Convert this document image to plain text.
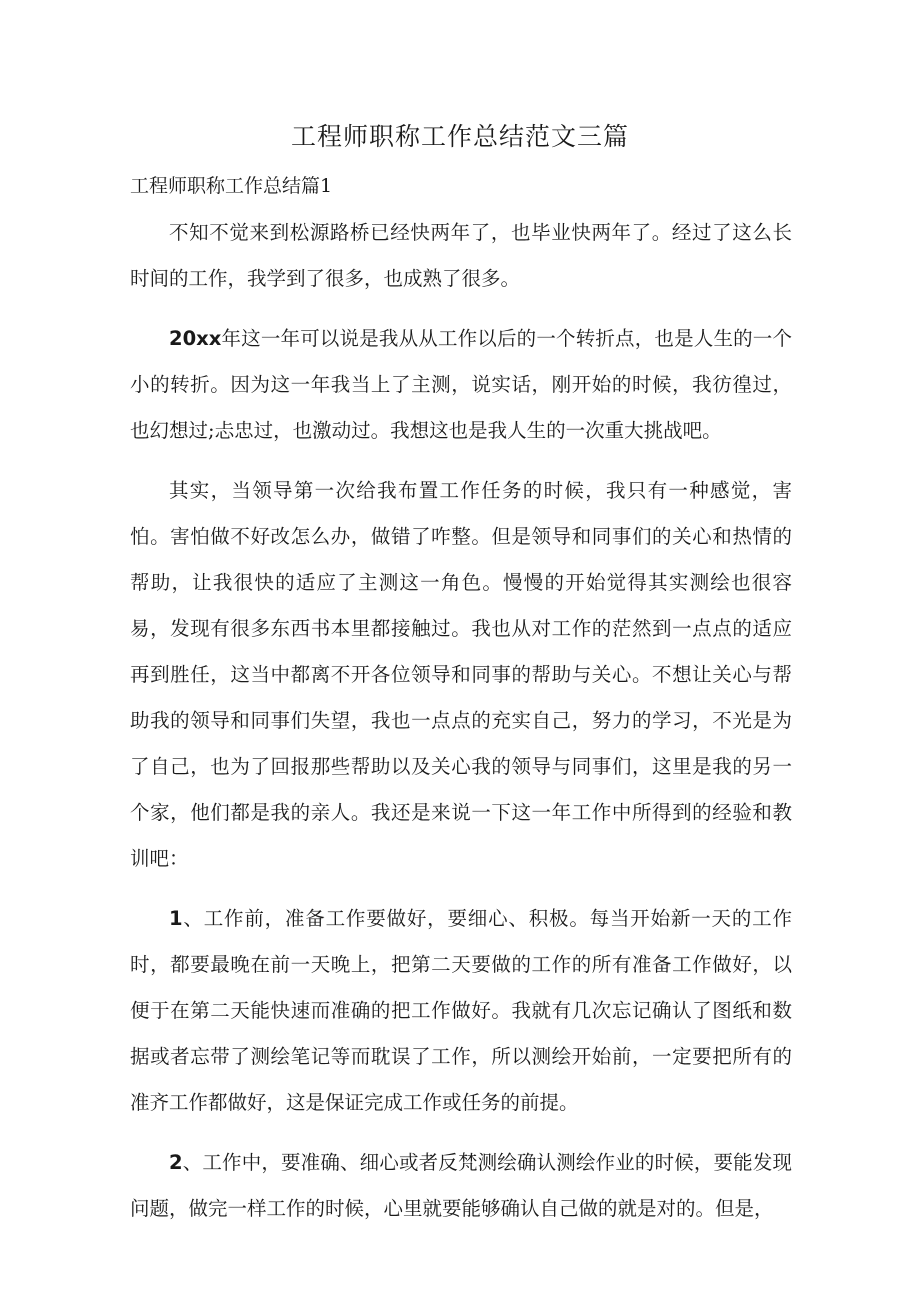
工程师职称工作总结范文三篇
工程师职称工作总结篇1

不知不觉来到松源路桥已经快两年了，也毕业快两年了。经过了这么长时间的工作，我学到了很多，也成熟了很多。

20xx年这一年可以说是我从从工作以后的一个转折点，也是人生的一个小的转折。因为这一年我当上了主测，说实话，刚开始的时候，我彷徨过，也幻想过;忐忠过，也激动过。我想这也是我人生的一次重大挑战吧。

其实，当领导第一次给我布置工作任务的时候，我只有一种感觉，害怕。害怕做不好改怎么办，做错了咋整。但是领导和同事们的关心和热情的帮助，让我很快的适应了主测这一角色。慢慢的开始觉得其实测绘也很容易，发现有很多东西书本里都接触过。我也从对工作的茫然到一点点的适应再到胜任，这当中都离不开各位领导和同事的帮助与关心。不想让关心与帮助我的领导和同事们失望，我也一点点的充实自己，努力的学习，不光是为了自己，也为了回报那些帮助以及关心我的领导与同事们，这里是我的另一个家，他们都是我的亲人。我还是来说一下这一年工作中所得到的经验和教训吧：

1、工作前，准备工作要做好，要细心、积极。每当开始新一天的工作时，都要最晚在前一天晚上，把第二天要做的工作的所有准备工作做好，以便于在第二天能快速而准确的把工作做好。我就有几次忘记确认了图纸和数据或者忘带了测绘笔记等而耽误了工作，所以测绘开始前，一定要把所有的准齐工作都做好，这是保证完成工作或任务的前提。

2、工作中，要准确、细心或者反梵测绘确认测绘作业的时候，要能发现问题，做完一样工作的时候，心里就要能够确认自己做的就是对的。但是，
